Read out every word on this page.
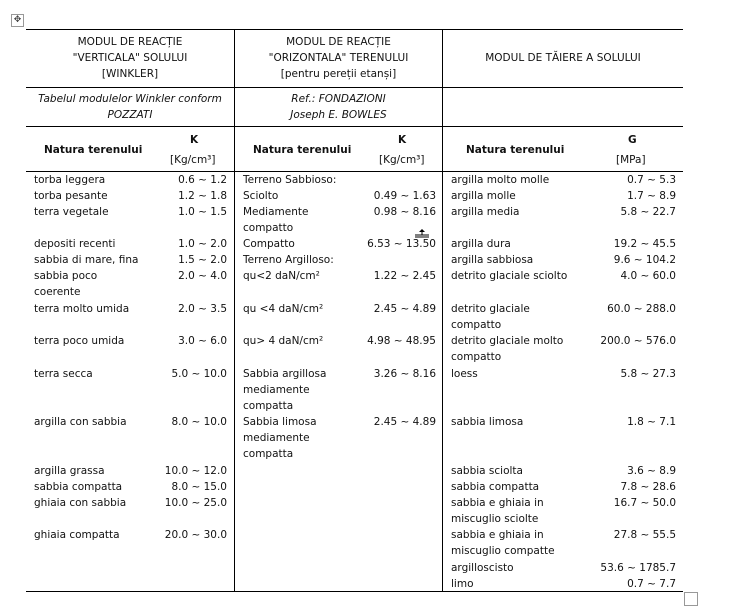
✥
MODUL DE REACȚIE
"VERTICALA" SOLULUI
[WINKLER]
MODUL DE REACȚIE
"ORIZONTALA" TERENULUI
[pentru pereții etanși]
MODUL DE TĂIERE A SOLULUI
Tabelul modulelor Winkler conform
POZZATI
Ref.: FONDAZIONI
Joseph E. BOWLES
Natura terenului
K
[Kg/cm³]
Natura terenului
K
[Kg/cm³]
Natura terenului
G
[MPa]
torba leggera	0.6 ~ 1.2
torba pesante	1.2 ~ 1.8
terra vegetale	1.0 ~ 1.5
depositi recenti	1.0 ~ 2.0
sabbia di mare, fina	1.5 ~ 2.0
sabbia poco	2.0 ~ 4.0
coerente
terra molto umida	2.0 ~ 3.5
terra poco umida	3.0 ~ 6.0
terra secca	5.0 ~ 10.0
argilla con sabbia	8.0 ~ 10.0
argilla grassa	10.0 ~ 12.0
sabbia compatta	8.0 ~ 15.0
ghiaia con sabbia	10.0 ~ 25.0
ghiaia compatta	20.0 ~ 30.0
Terreno Sabbioso:
Sciolto	0.49 ~ 1.63
Mediamente	0.98 ~ 8.16
compatto
Compatto	6.53 ~ 13.50
Terreno Argilloso:
qu<2 daN/cm²	1.22 ~ 2.45
qu <4 daN/cm²	2.45 ~ 4.89
qu> 4 daN/cm²	4.98 ~ 48.95
Sabbia argillosa	3.26 ~ 8.16
mediamente
compatta
Sabbia limosa	2.45 ~ 4.89
mediamente
compatta
argilla molto molle	0.7 ~ 5.3
argilla molle	1.7 ~ 8.9
argilla media	5.8 ~ 22.7
argilla dura	19.2 ~ 45.5
argilla sabbiosa	9.6 ~ 104.2
detrito glaciale sciolto	4.0 ~ 60.0
detrito glaciale	60.0 ~ 288.0
compatto
detrito glaciale molto	200.0 ~ 576.0
compatto
loess	5.8 ~ 27.3
sabbia limosa	1.8 ~ 7.1
sabbia sciolta	3.6 ~ 8.9
sabbia compatta	7.8 ~ 28.6
sabbia e ghiaia in	16.7 ~ 50.0
miscuglio sciolte
sabbia e ghiaia in	27.8 ~ 55.5
miscuglio compatte
argilloscisto	53.6 ~ 1785.7
limo	0.7 ~ 7.7
